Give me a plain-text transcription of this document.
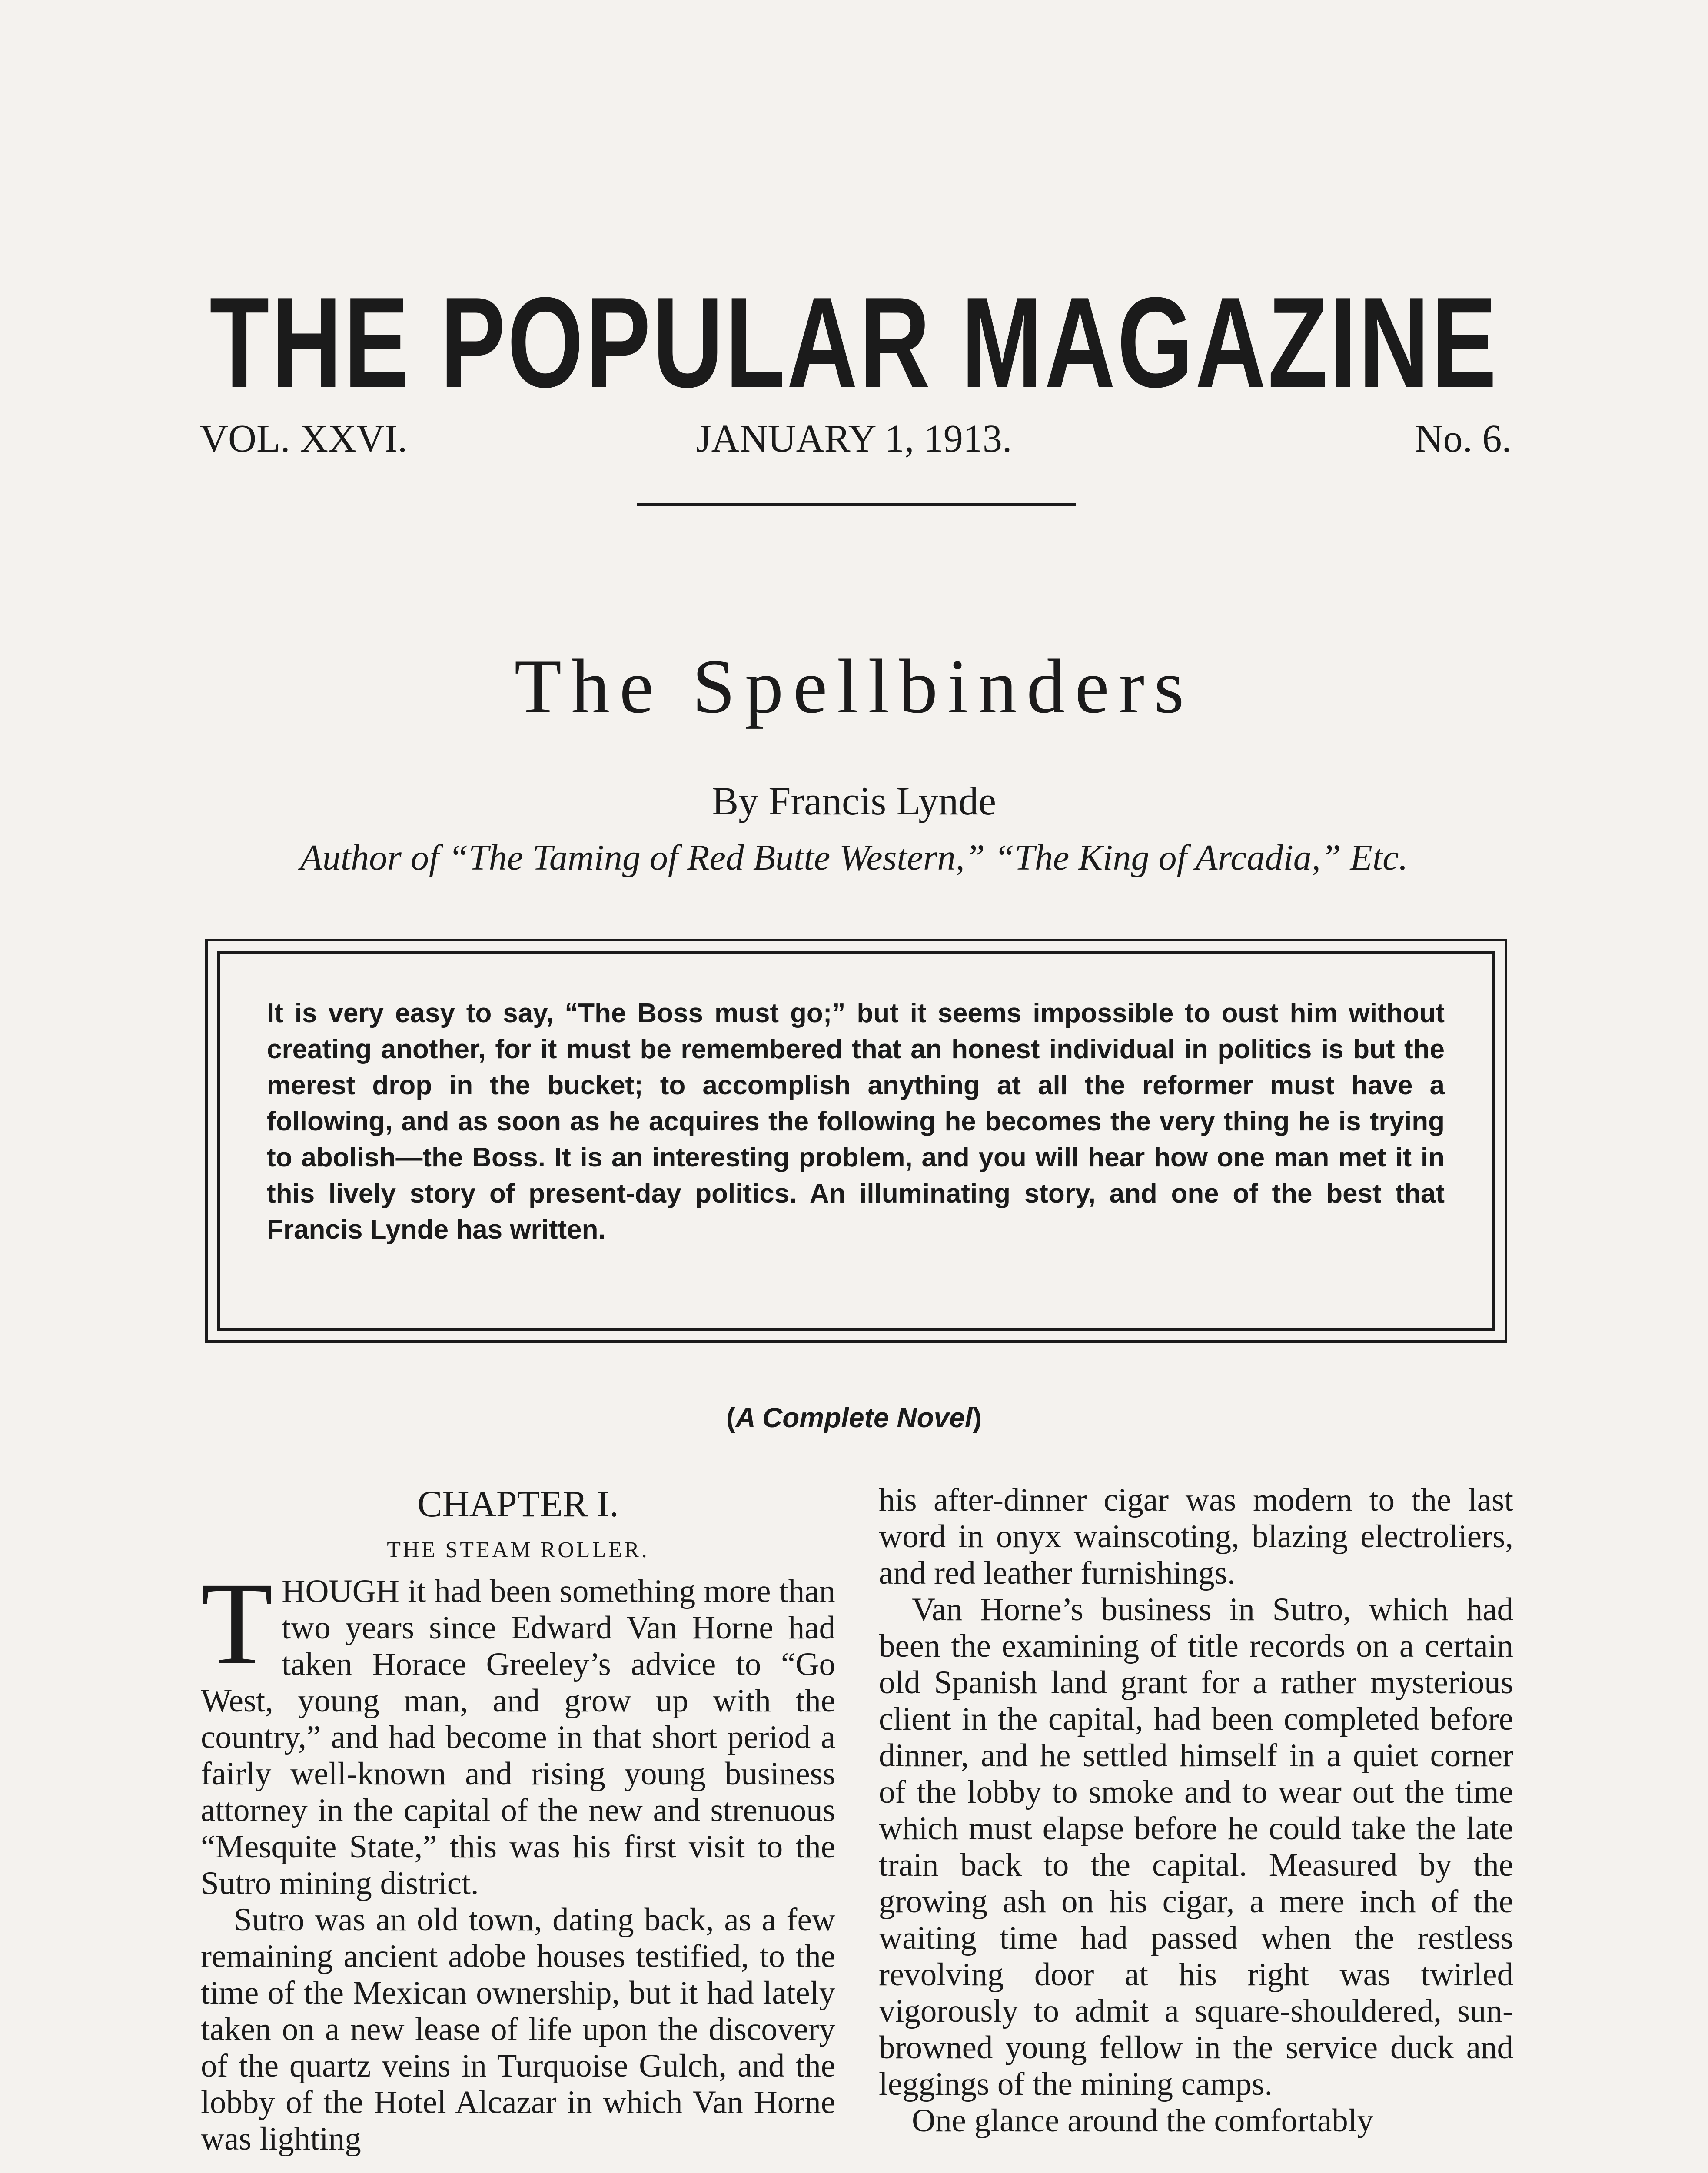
THE POPULAR MAGAZINE
VOL. XXVI.	JANUARY 1, 1913.	No. 6.
The Spellbinders
By Francis Lynde
Author of “The Taming of Red Butte Western,” “The King of Arcadia,” Etc.

It is very easy to say, “The Boss must go;” but it seems impossible to oust him without creating another, for it must be remembered that an honest individual in politics is but the merest drop in the bucket; to accomplish anything at all the reformer must have a following, and as soon as he acquires the following he becomes the very thing he is trying to abolish—the Boss. It is an interesting problem, and you will hear how one man met it in this lively story of present-day politics. An illuminating story, and one of the best that Francis Lynde has written.

(A Complete Novel)
CHAPTER I.
THE STEAM ROLLER.

THOUGH it had been something more than two years since Edward Van Horne had taken Horace Greeley’s advice to “Go West, young man, and grow up with the country,” and had become in that short period a fairly well-known and rising young business attorney in the capital of the new and strenuous “Mesquite State,” this was his first visit to the Sutro mining district.

Sutro was an old town, dating back, as a few remaining ancient adobe houses testified, to the time of the Mexican ownership, but it had lately taken on a new lease of life upon the discovery of the quartz veins in Turquoise Gulch, and the lobby of the Hotel Alcazar in which Van Horne was lighting

his after-dinner cigar was modern to the last word in onyx wainscoting, blazing electroliers, and red leather furnishings.

Van Horne’s business in Sutro, which had been the examining of title records on a certain old Spanish land grant for a rather mysterious client in the capital, had been completed before dinner, and he settled himself in a quiet corner of the lobby to smoke and to wear out the time which must elapse before he could take the late train back to the capital. Measured by the growing ash on his cigar, a mere inch of the waiting time had passed when the restless revolving door at his right was twirled vigorously to admit a square-shouldered, sun-browned young fellow in the service duck and leggings of the mining camps.

One glance around the comfortably
